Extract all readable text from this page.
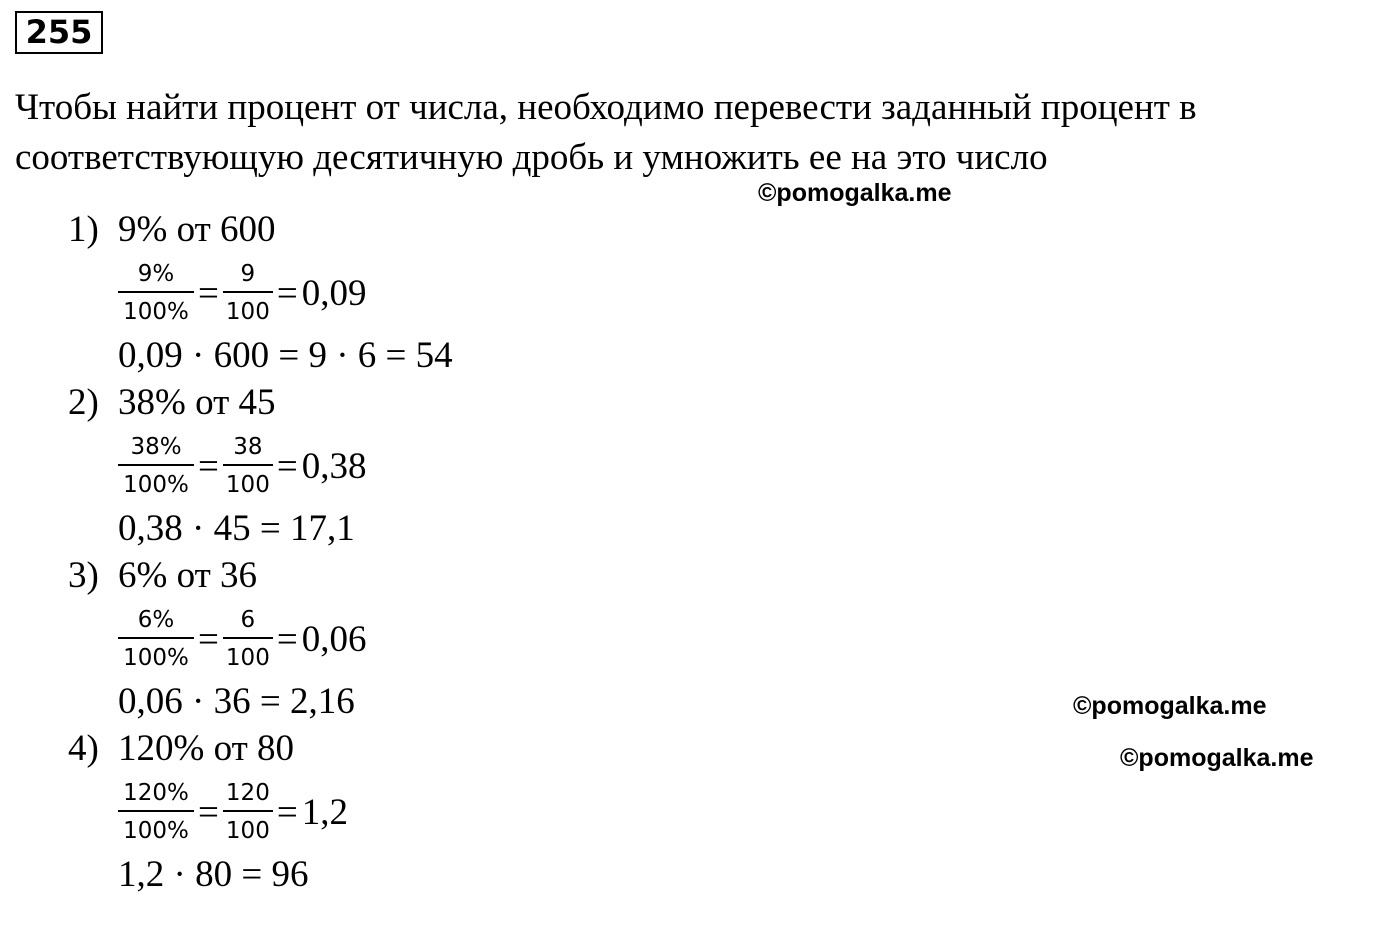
255
Чтобы найти процент от числа, необходимо перевести заданный процент в
соответствующую десятичную дробь и умножить ее на это число
©pomogalka.me
©pomogalka.me
©pomogalka.me
1) 9% от 600
$\frac{9\%}{100\%} = \frac{9}{100} = 0,09$
0,09 · 600 = 9 · 6 = 54
2) 38% от 45
$\frac{38\%}{100\%} = \frac{38}{100} = 0,38$
0,38 · 45 = 17,1
3) 6% от 36
$\frac{6\%}{100\%} = \frac{6}{100} = 0,06$
0,06 · 36 = 2,16
4) 120% от 80
$\frac{120\%}{100\%} = \frac{120}{100} = 1,2$
1,2 · 80 = 96
